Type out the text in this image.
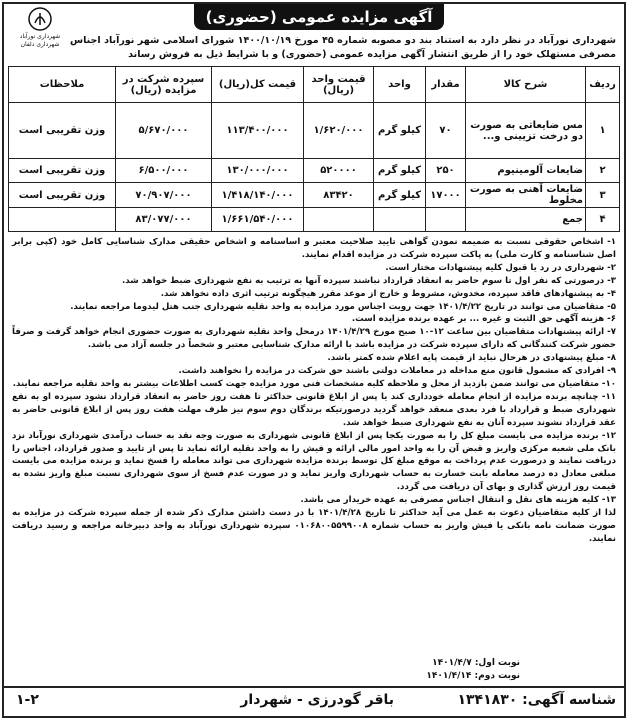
آگهی مزایده عمومی (حضوری)
شهرداری نورآباد
شهرداری دلفان	شهرداری نورآباد در نظر دارد به استناد بند دو مصوبه شماره ۴۵ مورخ ۱۴۰۰/۱۰/۱۹ شورای اسلامی شهر نورآباد اجناس مصرفی مستهلک خود را از طریق انتشار آگهی مزایده عمومی (حضوری) و با شرایط ذیل به فروش رساند
ردیف	شرح کالا	مقدار	واحد	قیمت واحد (ریال)	قیمت کل(ریال)	سپرده شرکت در مزایده (ریال)	ملاحظات
۱	مس ضایعاتی به صورت دو درخت تزیینی و...	۷۰	کیلو گرم	۱/۶۲۰/۰۰۰	۱۱۳/۴۰۰/۰۰۰	۵/۶۷۰/۰۰۰	وزن تقریبی است
۲	ضایعات آلومینیوم	۲۵۰	کیلو گرم	۵۲۰۰۰۰	۱۳۰/۰۰۰/۰۰۰	۶/۵۰۰/۰۰۰	وزن تقریبی است
۳	ضایعات آهنی به صورت مخلوط	۱۷۰۰۰	کیلو گرم	۸۳۴۲۰	۱/۴۱۸/۱۴۰/۰۰۰	۷۰/۹۰۷/۰۰۰	وزن تقریبی است
۴	جمع				۱/۶۶۱/۵۴۰/۰۰۰	۸۳/۰۷۷/۰۰۰	

۱- اشخاص حقوقی نسبت به ضمیمه نمودن گواهی تایید صلاحیت معتبر و اساسنامه و اشخاص حقیقی مدارک شناسایی کامل خود (کپی برابر اصل شناسنامه و کارت ملی) به پاکت سپرده شرکت در مزایده اقدام نمایند.

۲- شهرداری در رد یا قبول کلیه پیشنهادات مختار است.

۳- درصورتی که نفر اول تا سوم حاضر به انعقاد قرارداد نباشند سپرده آنها به ترتیب به نفع شهرداری ضبط خواهد شد.

۴- به پیشنهادهای فاقد سپرده، مخدوش، مشروط و خارج از موعد مقرر هیچگونه ترتیب اثری داده نخواهد شد.

۵- متقاضیان می توانند در تاریخ ۱۴۰۱/۴/۲۲ جهت رویت اجناس مورد مزایده به واحد نقلیه شهرداری جنب هتل لیدوما مراجعه نمایند.

۶- هزینه آگهی حق الثبت و غیره ... بر عهده برنده مزایده است.

۷- ارائه پیشنهادات متقاضیان بین ساعت ۱۲-۱۰ صبح مورخ ۱۴۰۱/۴/۲۹ درمحل واحد نقلیه شهرداری به صورت حضوری انجام خواهد گرفت و صرفاً حضور شرکت کنندگانی که دارای سپرده شرکت در مزایده باشد با ارائه مدارک شناسایی معتبر و شخصاً در جلسه آزاد می باشد.

۸- مبلغ پیشنهادی در هرحال نباید از قیمت پایه اعلام شده کمتر باشد.

۹- افرادی که مشمول قانون منع مداخله در معاملات دولتی باشند حق شرکت در مزایده را نخواهند داشت.

۱۰- متقاضیان می توانند ضمن بازدید از محل و ملاحظه کلیه مشخصات فنی مورد مزایده جهت کسب اطلاعات بیشتر به واحد نقلیه مراجعه نمایند.

۱۱- چنانچه برنده مزایده از انجام معامله خودداری کند یا پس از ابلاغ قانونی حداکثر تا هفت روز حاضر به انعقاد قرارداد نشود سپرده او به نفع شهرداری ضبط و قرارداد با فرد بعدی منعقد خواهد گردید درصورتیکه برندگان دوم سوم نیز ظرف مهلت هفت روز پس از ابلاغ قانونی حاضر به عقد قرارداد نشوند سپرده آنان به نفع شهرداری ضبط خواهد شد.

۱۲- برنده مزایده می بایست مبلغ کل را به صورت یکجا پس از ابلاغ قانونی شهرداری به صورت وجه نقد به حساب درآمدی شهرداری نورآباد نزد بانک ملی شعبه مرکزی واریز و قبض آن را به واحد امور مالی ارائه و فیش را به واحد نقلیه ارائه نماید تا پس از تایید و صدور قرارداد، اجناس را دریافت نمایند و درصورت عدم پرداخت به موقع مبلغ کل توسط برنده مزایده شهرداری می تواند معامله را فسخ نماید و برنده مزایده می بایست مبلغی معادل ده درصد معامله بابت خسارت به حساب شهرداری واریز نماید و در صورت عدم فسخ از سوی شهرداری نسبت مبلغ واریز نشده به قیمت روز ارزش گذاری و بهای آن دریافت می گردد.

۱۳- کلیه هزینه های نقل و انتقال اجناس مصرفی به عهده خریدار می باشد.

لذا از کلیه متقاضیان دعوت به عمل می آید حداکثر تا تاریخ ۱۴۰۱/۴/۲۸ با در دست داشتن مدارک ذکر شده از جمله سپرده شرکت در مزایده به صورت ضمانت نامه بانکی یا فیش واریز به حساب شماره ۰۱۰۶۸۰۰۵۵۹۹۰۰۸ سپرده شهرداری نورآباد به واحد دبیرخانه مراجعه و رسید دریافت نمایند.

نوبت اول: ۱۴۰۱/۴/۷
نوبت دوم: ۱۴۰۱/۴/۱۴
شناسه آگهی: ۱۳۴۱۸۳۰
باقر گودرزی - شهردار
۱-۲
